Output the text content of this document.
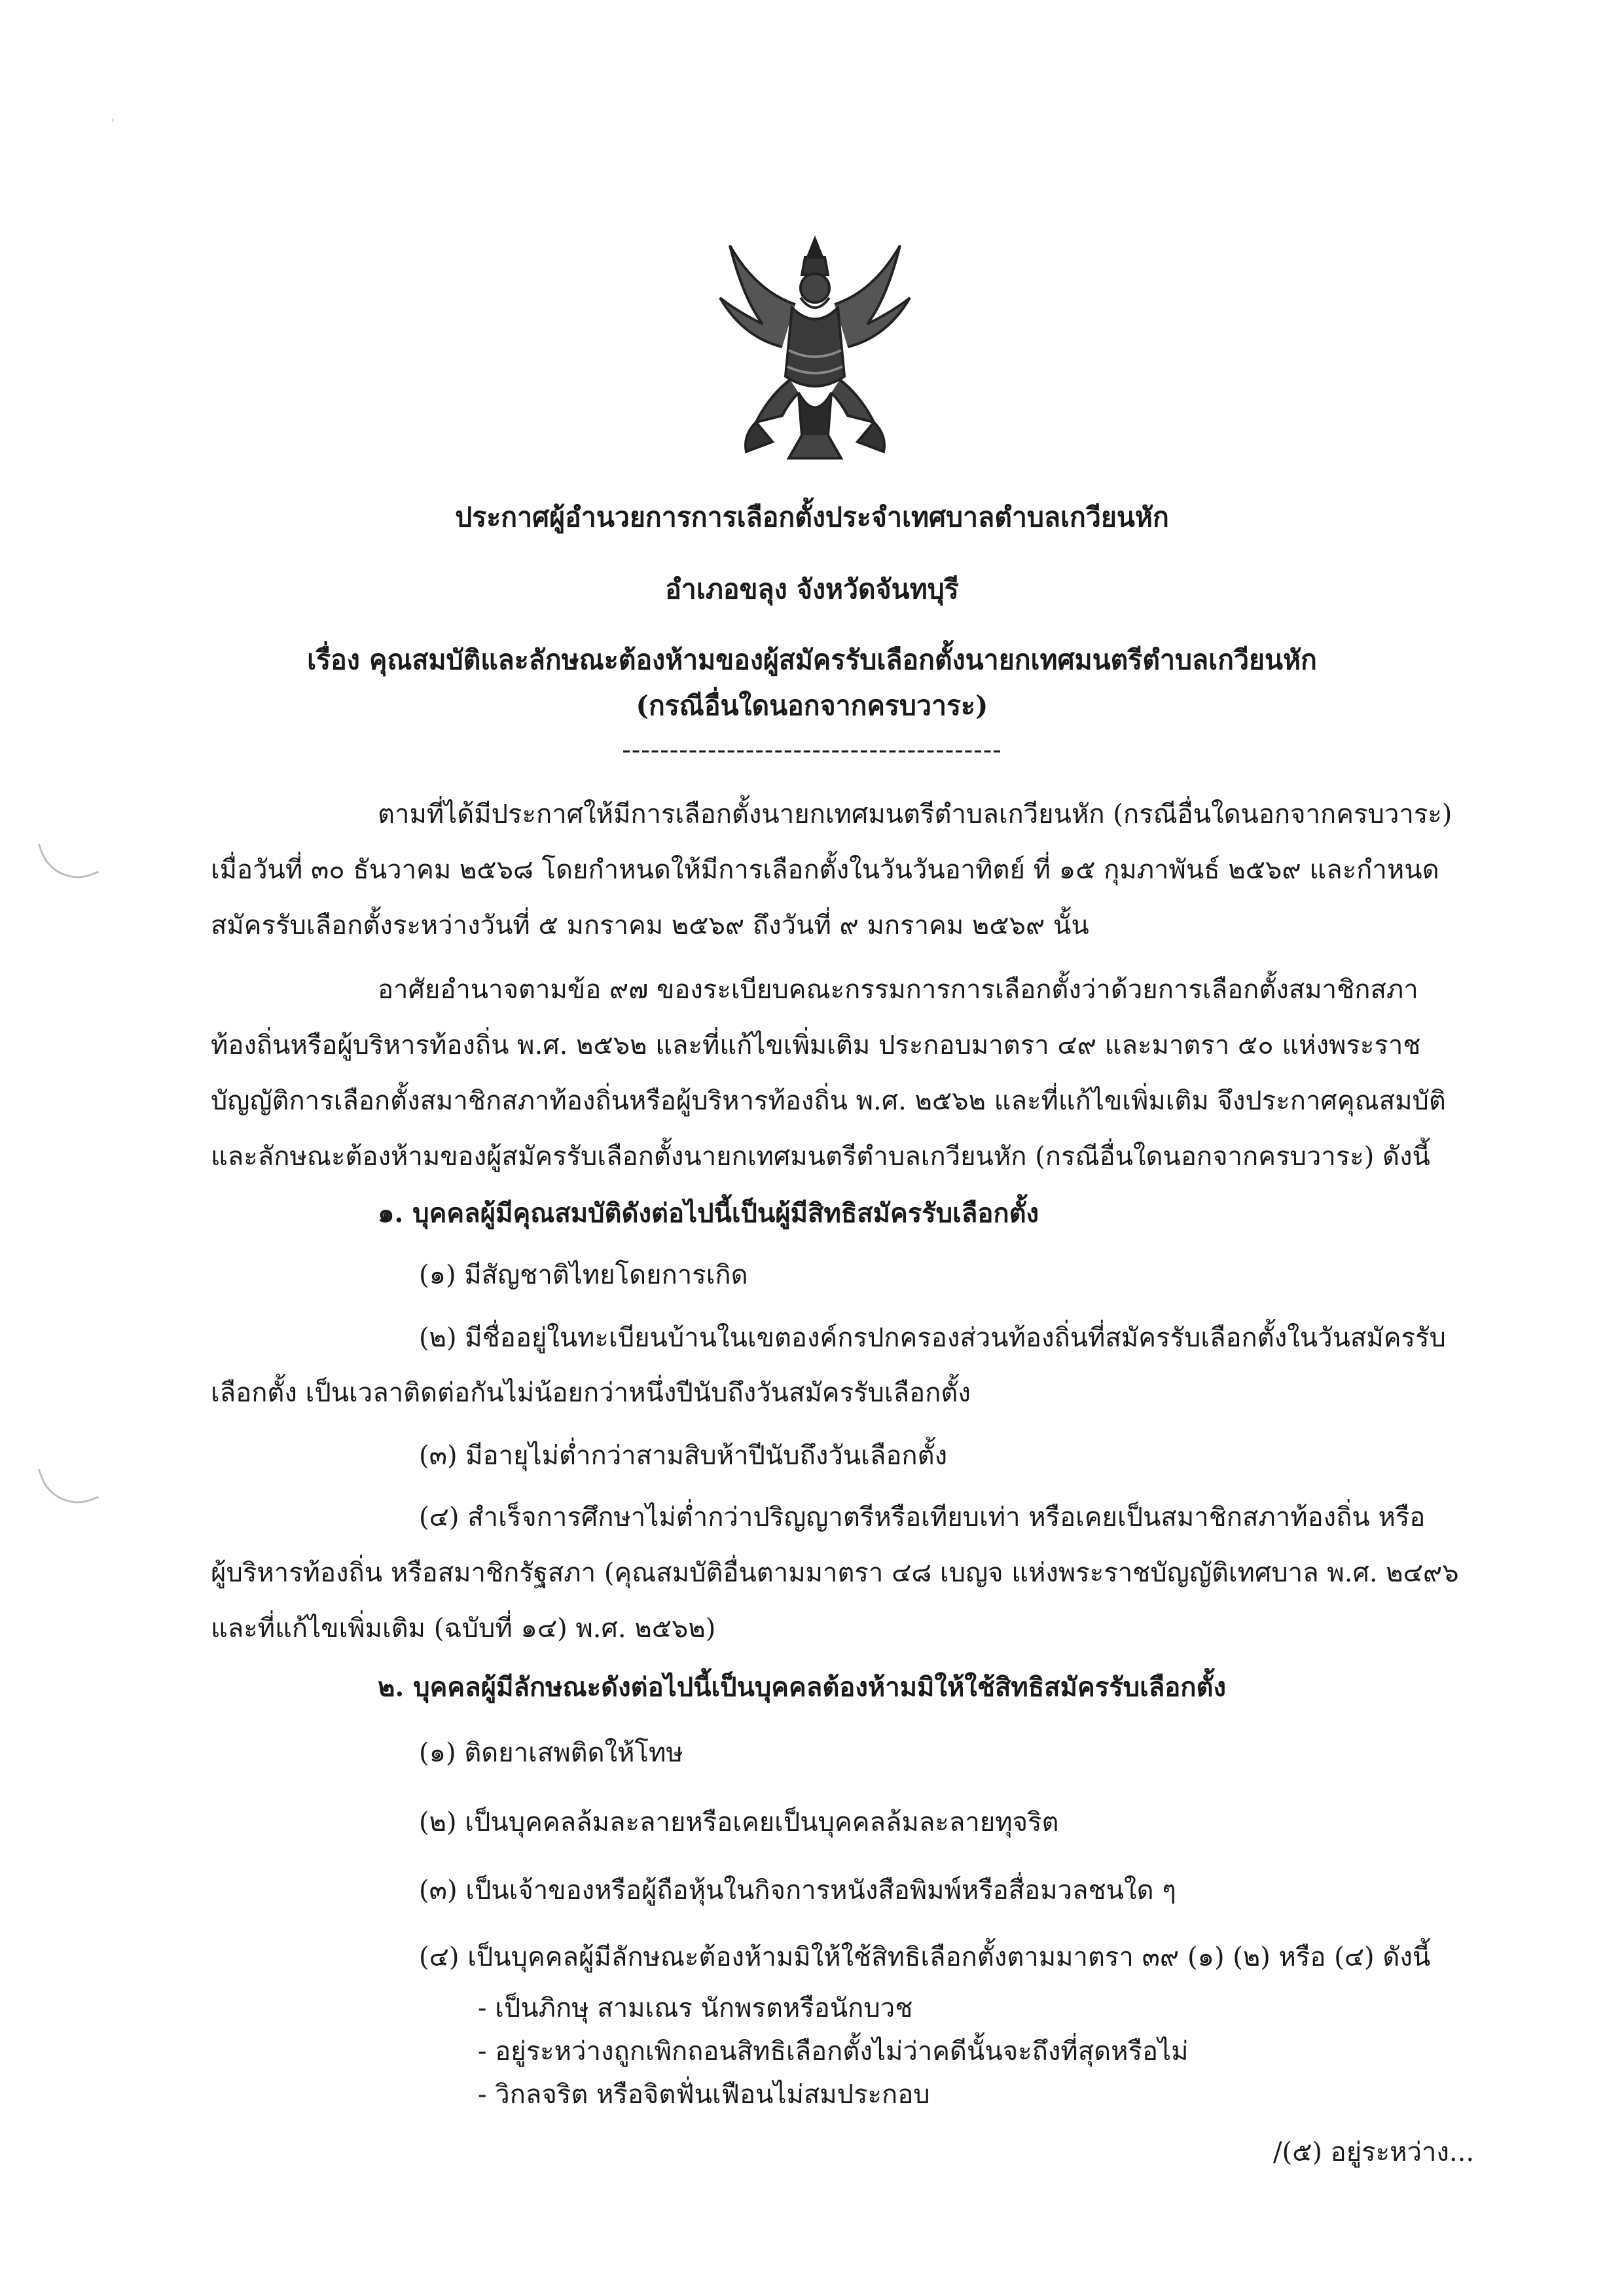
'
ประกาศผู้อำนวยการการเลือกตั้งประจำเทศบาลตำบลเกวียนหัก
อำเภอขลุง จังหวัดจันทบุรี
เรื่อง คุณสมบัติและลักษณะต้องห้ามของผู้สมัครรับเลือกตั้งนายกเทศมนตรีตำบลเกวียนหัก
(กรณีอื่นใดนอกจากครบวาระ)
----------------------------------------
ตามที่ได้มีประกาศให้มีการเลือกตั้งนายกเทศมนตรีตำบลเกวียนหัก (กรณีอื่นใดนอกจากครบวาระ)
เมื่อวันที่ ๓๐ ธันวาคม ๒๕๖๘ โดยกำหนดให้มีการเลือกตั้งในวันวันอาทิตย์ ที่ ๑๕ กุมภาพันธ์ ๒๕๖๙ และกำหนด
สมัครรับเลือกตั้งระหว่างวันที่ ๕ มกราคม ๒๕๖๙ ถึงวันที่ ๙ มกราคม ๒๕๖๙ นั้น
อาศัยอำนาจตามข้อ ๙๗ ของระเบียบคณะกรรมการการเลือกตั้งว่าด้วยการเลือกตั้งสมาชิกสภา
ท้องถิ่นหรือผู้บริหารท้องถิ่น พ.ศ. ๒๕๖๒ และที่แก้ไขเพิ่มเติม ประกอบมาตรา ๔๙ และมาตรา ๕๐ แห่งพระราช
บัญญัติการเลือกตั้งสมาชิกสภาท้องถิ่นหรือผู้บริหารท้องถิ่น พ.ศ. ๒๕๖๒ และที่แก้ไขเพิ่มเติม จึงประกาศคุณสมบัติ
และลักษณะต้องห้ามของผู้สมัครรับเลือกตั้งนายกเทศมนตรีตำบลเกวียนหัก (กรณีอื่นใดนอกจากครบวาระ) ดังนี้
๑. บุคคลผู้มีคุณสมบัติดังต่อไปนี้เป็นผู้มีสิทธิสมัครรับเลือกตั้ง
(๑) มีสัญชาติไทยโดยการเกิด
(๒) มีชื่ออยู่ในทะเบียนบ้านในเขตองค์กรปกครองส่วนท้องถิ่นที่สมัครรับเลือกตั้งในวันสมัครรับ
เลือกตั้ง เป็นเวลาติดต่อกันไม่น้อยกว่าหนึ่งปีนับถึงวันสมัครรับเลือกตั้ง
(๓) มีอายุไม่ต่ำกว่าสามสิบห้าปีนับถึงวันเลือกตั้ง
(๔) สำเร็จการศึกษาไม่ต่ำกว่าปริญญาตรีหรือเทียบเท่า หรือเคยเป็นสมาชิกสภาท้องถิ่น หรือ
ผู้บริหารท้องถิ่น หรือสมาชิกรัฐสภา (คุณสมบัติอื่นตามมาตรา ๔๘ เบญจ แห่งพระราชบัญญัติเทศบาล พ.ศ. ๒๔๙๖
และที่แก้ไขเพิ่มเติม (ฉบับที่ ๑๔) พ.ศ. ๒๕๖๒)
๒. บุคคลผู้มีลักษณะดังต่อไปนี้เป็นบุคคลต้องห้ามมิให้ใช้สิทธิสมัครรับเลือกตั้ง
(๑) ติดยาเสพติดให้โทษ
(๒) เป็นบุคคลล้มละลายหรือเคยเป็นบุคคลล้มละลายทุจริต
(๓) เป็นเจ้าของหรือผู้ถือหุ้นในกิจการหนังสือพิมพ์หรือสื่อมวลชนใด ๆ
(๔) เป็นบุคคลผู้มีลักษณะต้องห้ามมิให้ใช้สิทธิเลือกตั้งตามมาตรา ๓๙ (๑) (๒) หรือ (๔) ดังนี้
- เป็นภิกษุ สามเณร นักพรตหรือนักบวช
- อยู่ระหว่างถูกเพิกถอนสิทธิเลือกตั้งไม่ว่าคดีนั้นจะถึงที่สุดหรือไม่
- วิกลจริต หรือจิตฟั่นเฟือนไม่สมประกอบ
/(๕) อยู่ระหว่าง...
